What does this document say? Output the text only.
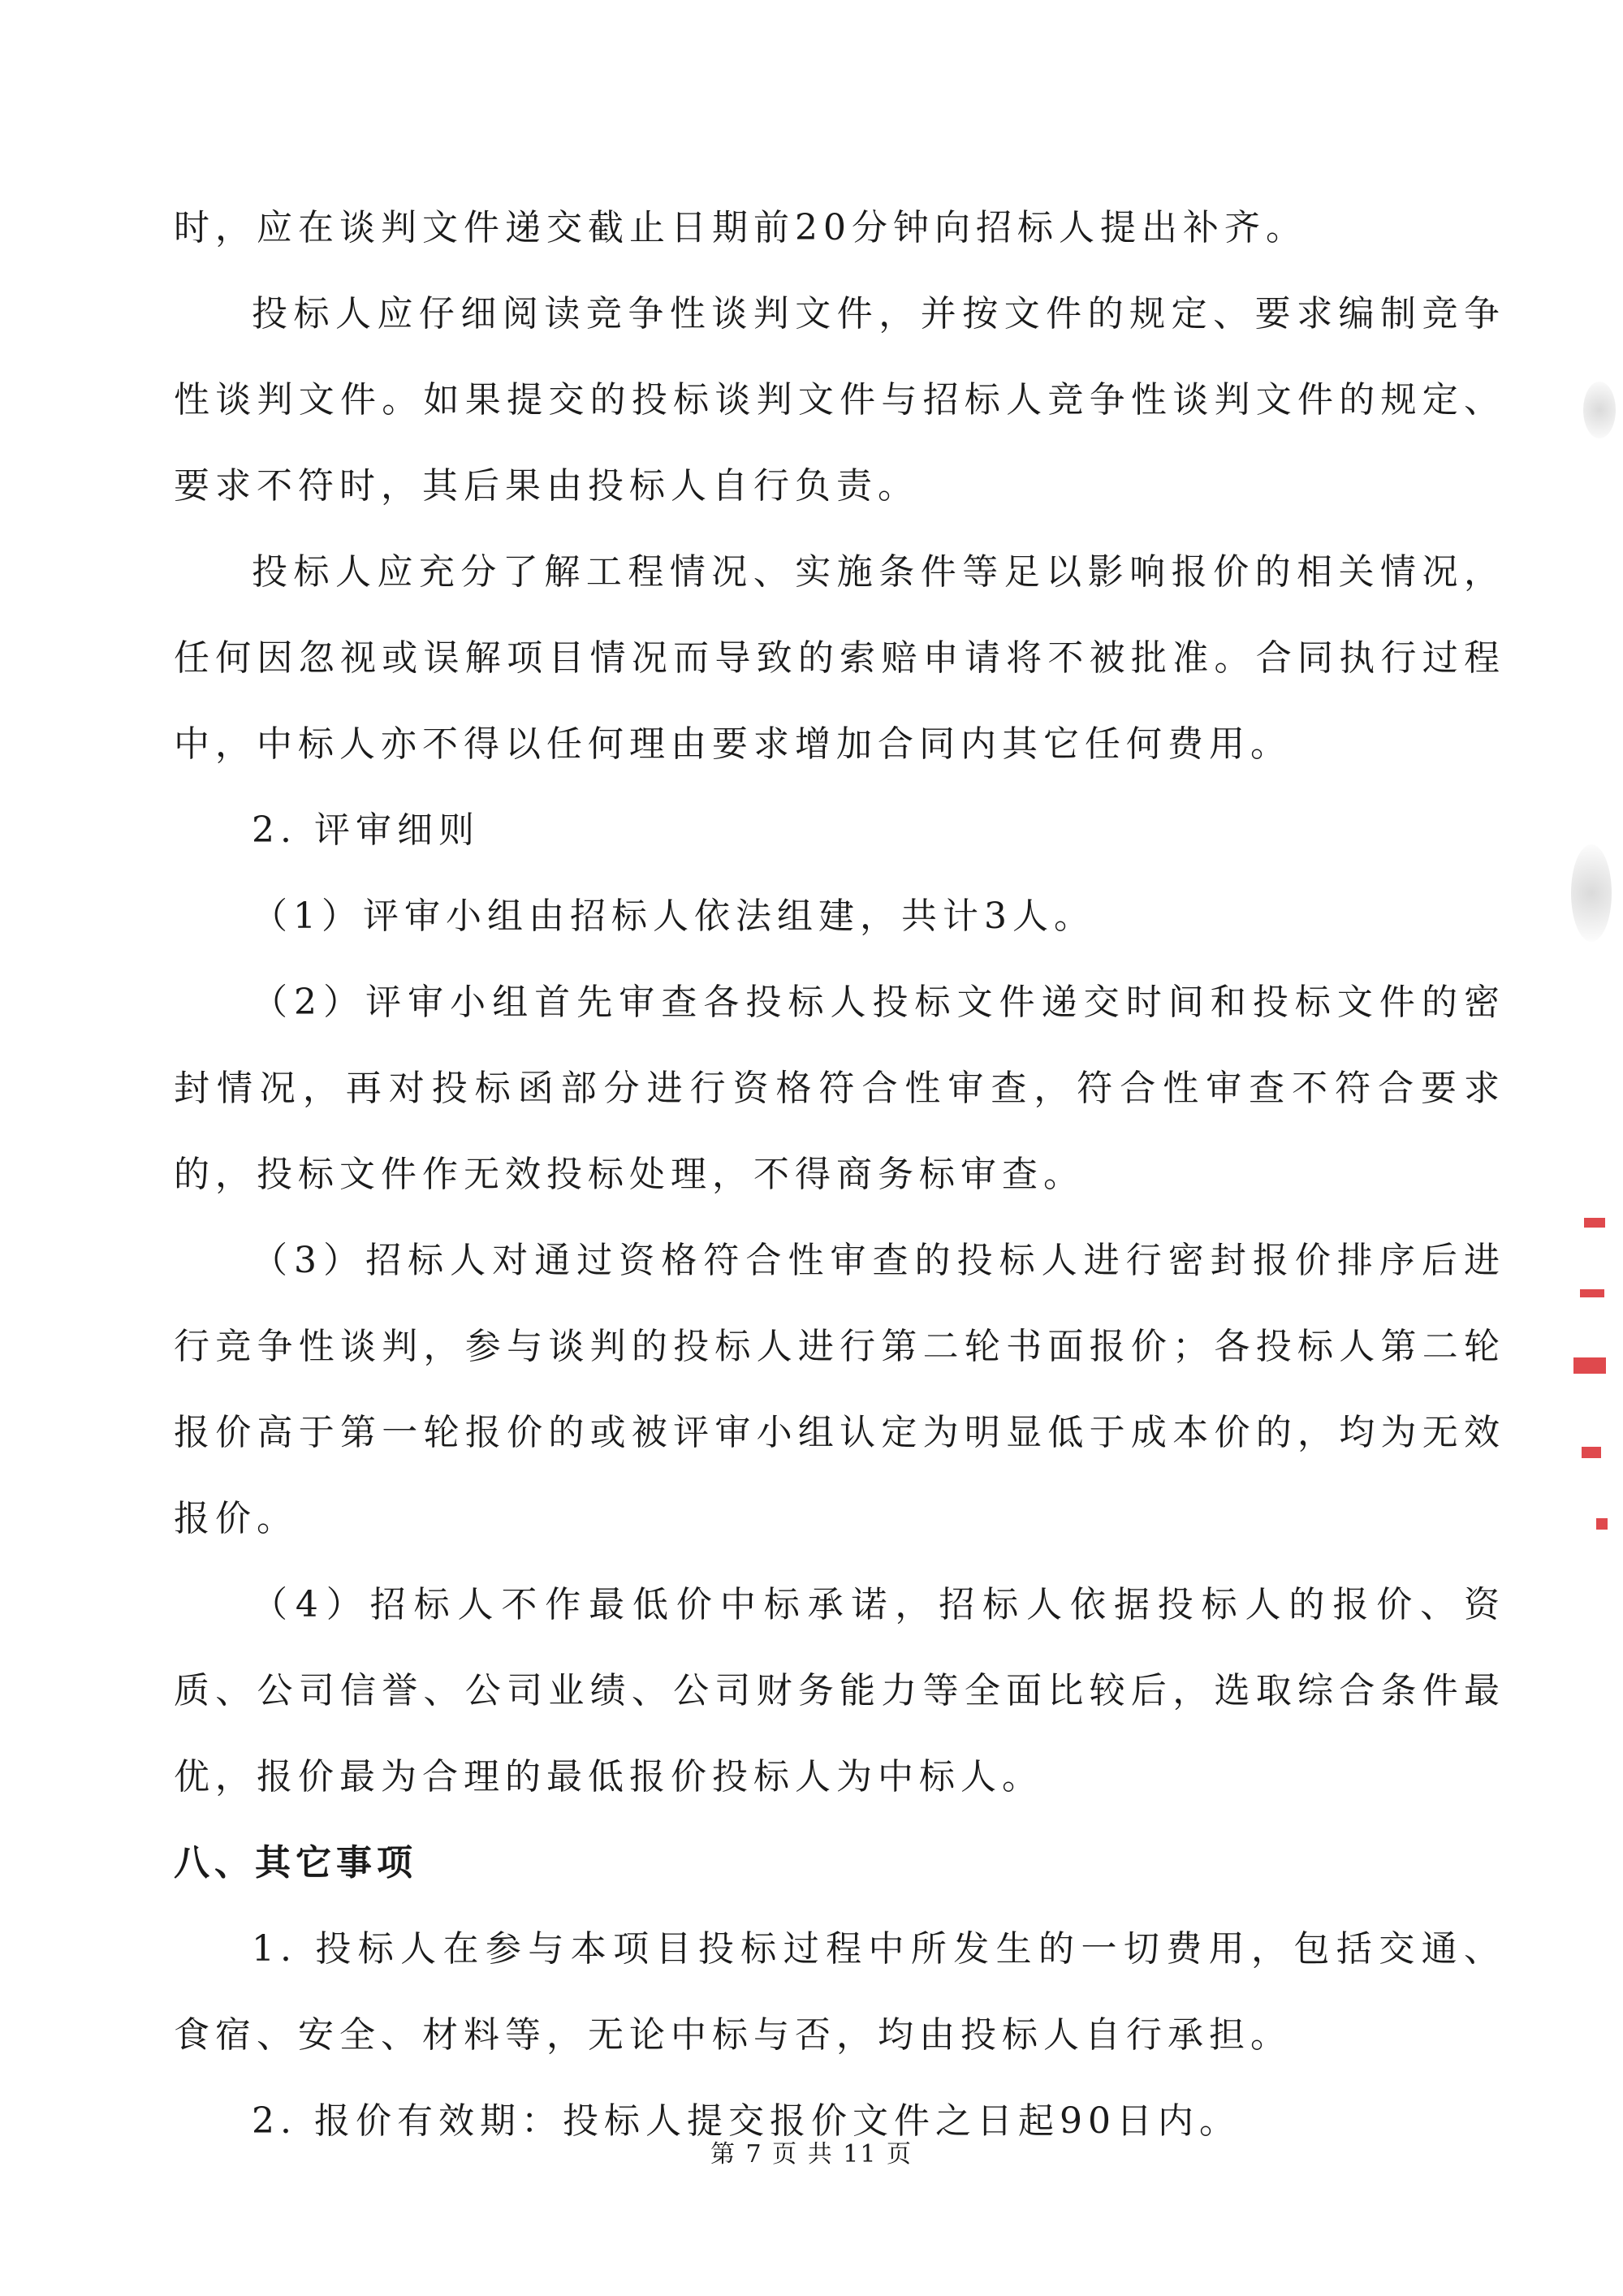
时，应在谈判文件递交截止日期前20分钟向招标人提出补齐。

投标人应仔细阅读竞争性谈判文件，并按文件的规定、要求编制竞争性谈判文件。如果提交的投标谈判文件与招标人竞争性谈判文件的规定、要求不符时，其后果由投标人自行负责。

投标人应充分了解工程情况、实施条件等足以影响报价的相关情况，任何因忽视或误解项目情况而导致的索赔申请将不被批准。合同执行过程中，中标人亦不得以任何理由要求增加合同内其它任何费用。

2. 评审细则

（1）评审小组由招标人依法组建，共计3人。

（2）评审小组首先审查各投标人投标文件递交时间和投标文件的密封情况，再对投标函部分进行资格符合性审查，符合性审查不符合要求的，投标文件作无效投标处理，不得商务标审查。

（3）招标人对通过资格符合性审查的投标人进行密封报价排序后进行竞争性谈判，参与谈判的投标人进行第二轮书面报价；各投标人第二轮报价高于第一轮报价的或被评审小组认定为明显低于成本价的，均为无效报价。

（4）招标人不作最低价中标承诺，招标人依据投标人的报价、资质、公司信誉、公司业绩、公司财务能力等全面比较后，选取综合条件最优，报价最为合理的最低报价投标人为中标人。

八、其它事项

1. 投标人在参与本项目投标过程中所发生的一切费用，包括交通、食宿、安全、材料等，无论中标与否，均由投标人自行承担。

2. 报价有效期：投标人提交报价文件之日起90日内。

第 7 页 共 11 页
